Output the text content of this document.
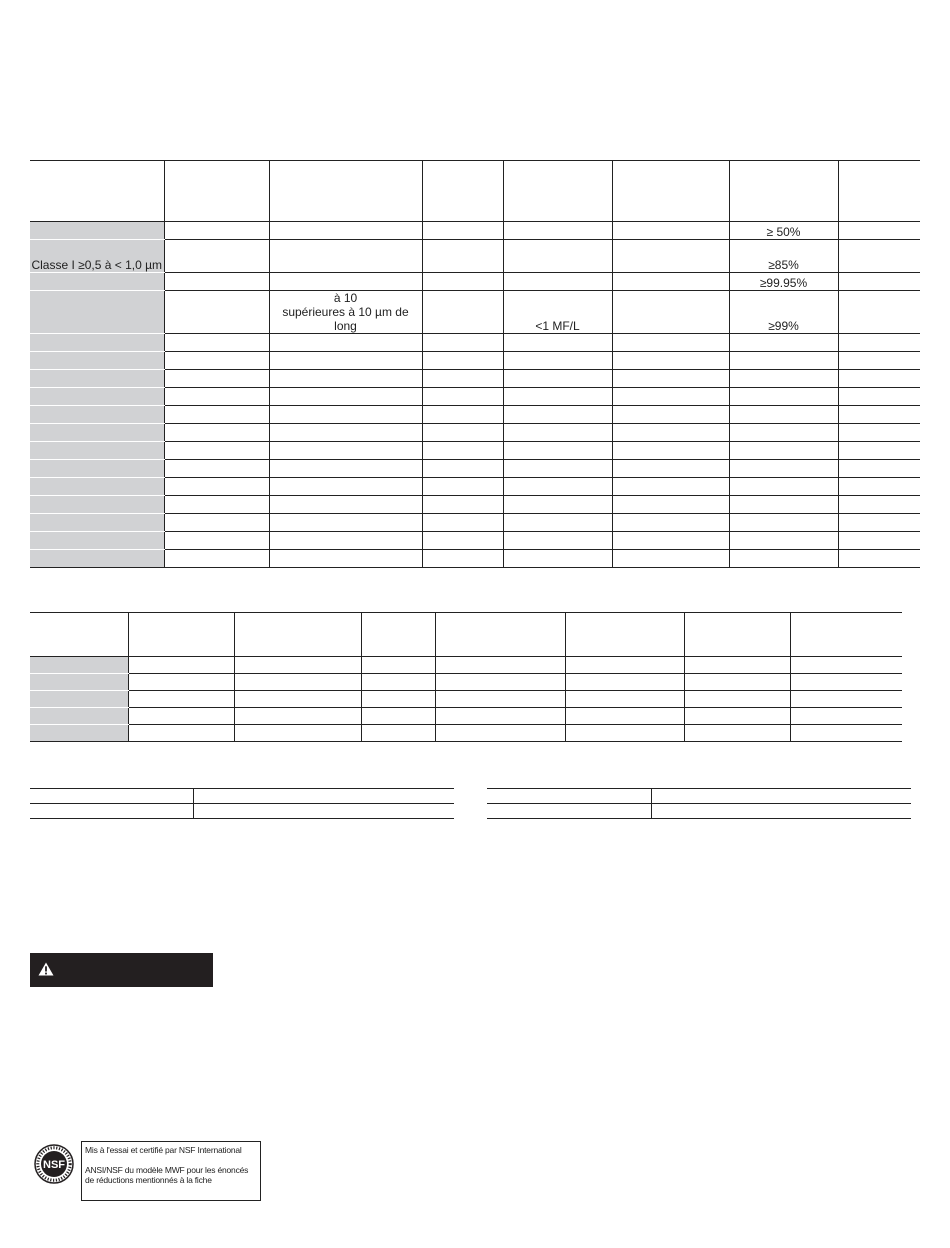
						≥ 50%	
Classe I ≥0,5 à < 1,0 µm						≥85%	
						≥99.95%	
		à 10
supérieures à 10 µm de long		<1 MF/L		≥99%	

NSF

Mis à l'essai et certifié par NSF International

ANSI/NSF du modèle MWF pour les énoncés de réductions mentionnés à la fiche
